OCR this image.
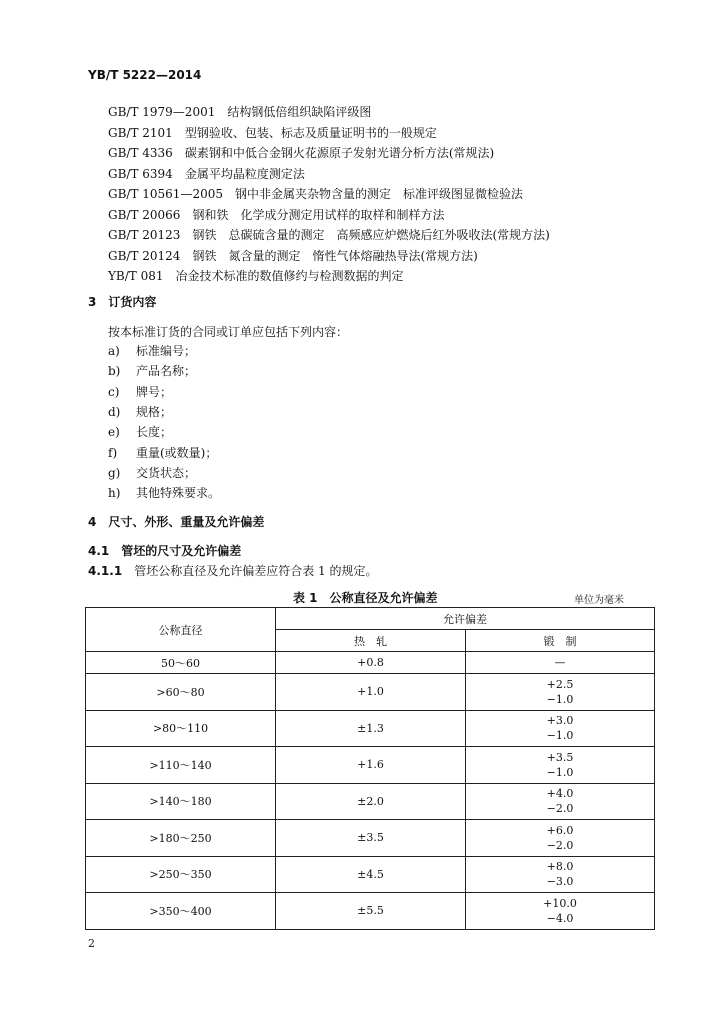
YB/T 5222—2014
GB/T 1979—2001　 结构钢低倍组织缺陷评级图
GB/T 2101　 型钢验收、包装、标志及质量证明书的一般规定
GB/T 4336　 碳素钢和中低合金钢火花源原子发射光谱分析方法(常规法)
GB/T 6394　 金属平均晶粒度测定法
GB/T 10561—2005　 钢中非金属夹杂物含量的测定　标准评级图显微检验法
GB/T 20066　 钢和铁　化学成分测定用试样的取样和制样方法
GB/T 20123　 钢铁　总碳硫含量的测定　高频感应炉燃烧后红外吸收法(常规方法)
GB/T 20124　 钢铁　氮含量的测定　惰性气体熔融热导法(常规方法)
YB/T 081　 冶金技术标准的数值修约与检测数据的判定
3　 订货内容
按本标准订货的合同或订单应包括下列内容：
a) 标准编号；
b) 产品名称；
c) 牌号；
d) 规格；
e) 长度；
f) 重量(或数量)；
g) 交货状态；
h) 其他特殊要求。
4　 尺寸、外形、重量及允许偏差
4.1　 管坯的尺寸及允许偏差
4.1.1　 管坯公称直径及允许偏差应符合表 1 的规定。
表 1　公称直径及允许偏差	单位为毫米
公称直径	允许偏差	
	热　轧	锻　制
50～60	+0.8	—

>60～80	+1.0	+2.5
−1.0

>80～110	±1.3	+3.0
−1.0

>110～140	+1.6	+3.5
−1.0

>140～180	±2.0	+4.0
−2.0

>180～250	±3.5	+6.0
−2.0

>250～350	±4.5	+8.0
−3.0

>350～400	±5.5	+10.0
−4.0
2
